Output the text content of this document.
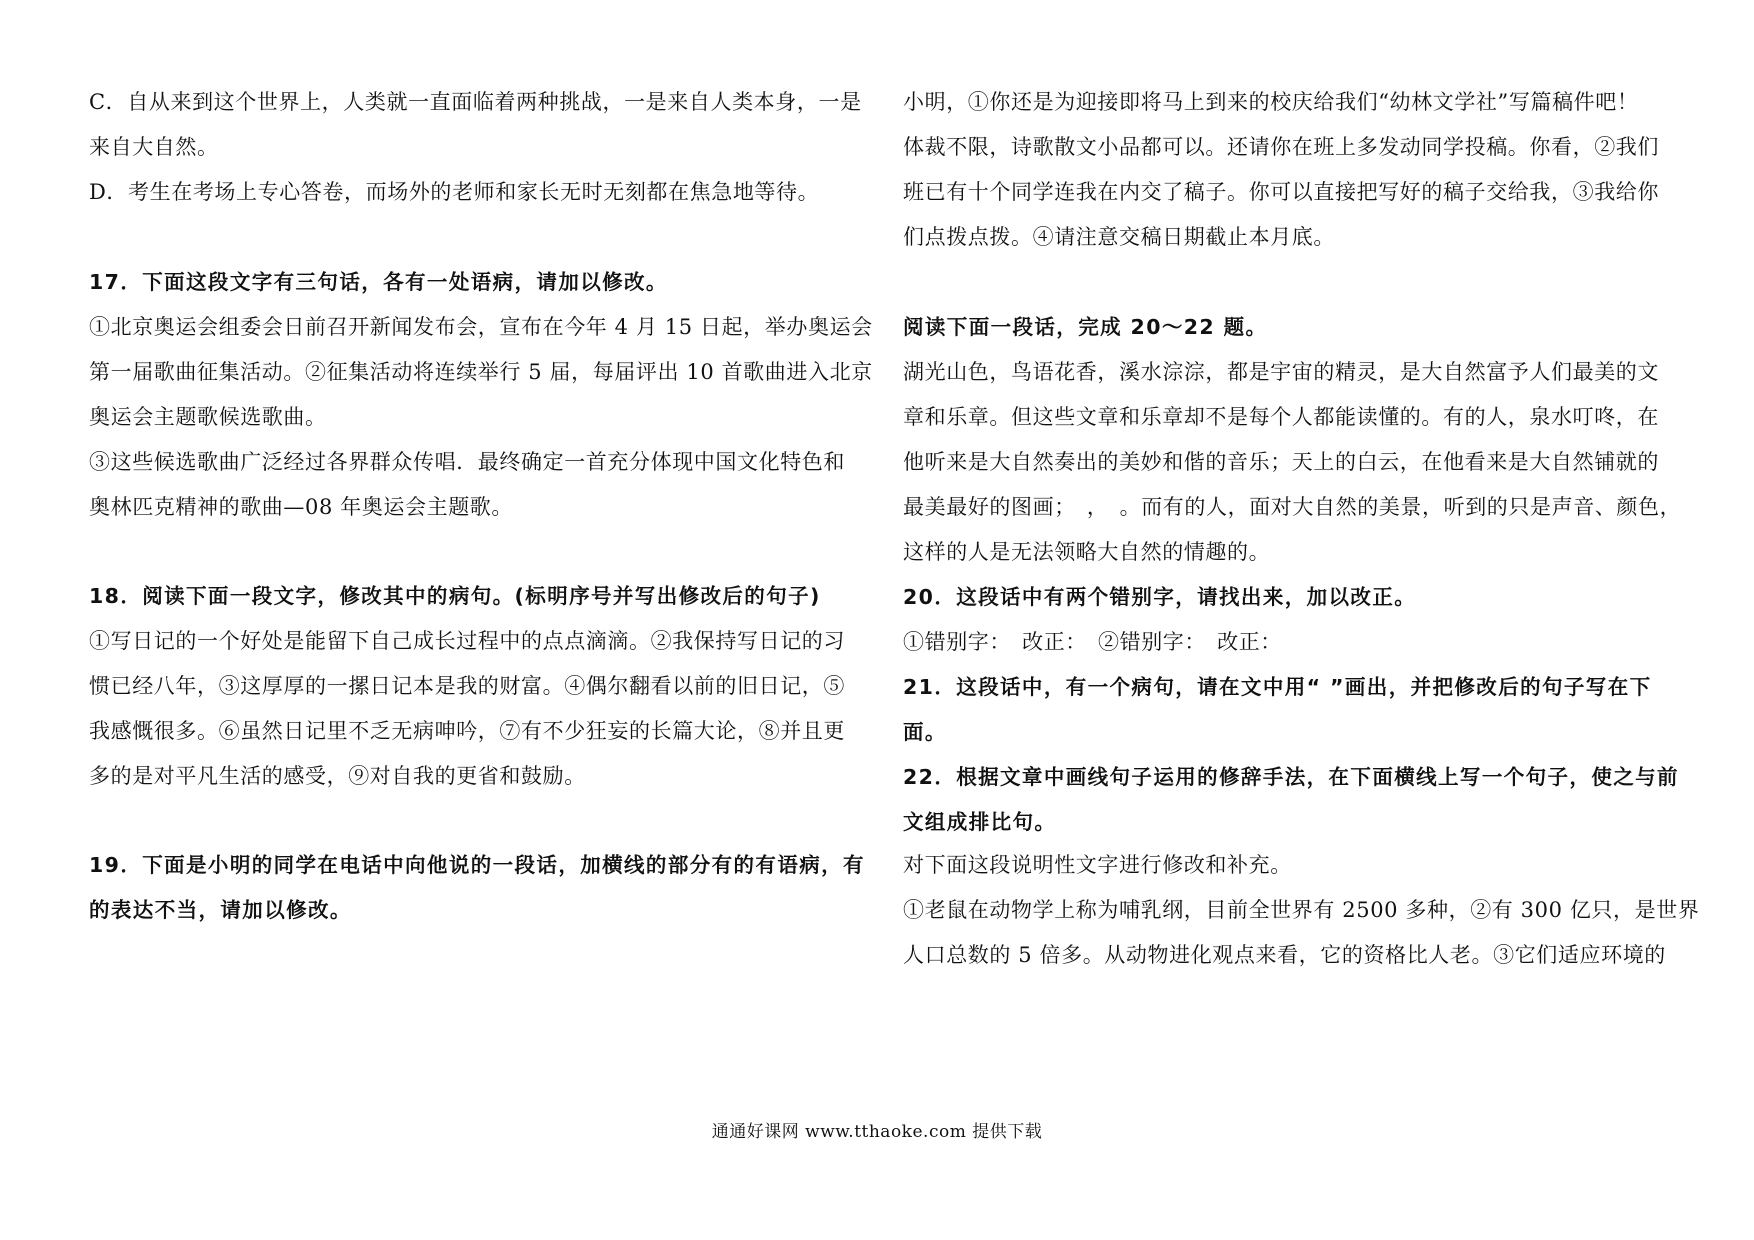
C．自从来到这个世界上，人类就一直面临着两种挑战，一是来自人类本身，一是
来自大自然。
D．考生在考场上专心答卷，而场外的老师和家长无时无刻都在焦急地等待。
17．下面这段文字有三句话，各有一处语病，请加以修改。
①北京奥运会组委会日前召开新闻发布会，宣布在今年 4 月 15 日起，举办奥运会
第一届歌曲征集活动。②征集活动将连续举行 5 届，每届评出 10 首歌曲进入北京
奥运会主题歌候选歌曲。
③这些候选歌曲广泛经过各界群众传唱．最终确定一首充分体现中国文化特色和
奥林匹克精神的歌曲—08 年奥运会主题歌。
18．阅读下面一段文字，修改其中的病句。(标明序号并写出修改后的句子)
①写日记的一个好处是能留下自己成长过程中的点点滴滴。②我保持写日记的习
惯已经八年，③这厚厚的一摞日记本是我的财富。④偶尔翻看以前的旧日记，⑤
我感慨很多。⑥虽然日记里不乏无病呻吟，⑦有不少狂妄的长篇大论，⑧并且更
多的是对平凡生活的感受，⑨对自我的更省和鼓励。
19．下面是小明的同学在电话中向他说的一段话，加横线的部分有的有语病，有
的表达不当，请加以修改。
小明，①你还是为迎接即将马上到来的校庆给我们“幼林文学社”写篇稿件吧！
体裁不限，诗歌散文小品都可以。还请你在班上多发动同学投稿。你看，②我们
班已有十个同学连我在内交了稿子。你可以直接把写好的稿子交给我，③我给你
们点拨点拨。④请注意交稿日期截止本月底。
阅读下面一段话，完成 20～22 题。
湖光山色，鸟语花香，溪水淙淙，都是宇宙的精灵，是大自然富予人们最美的文
章和乐章。但这些文章和乐章却不是每个人都能读懂的。有的人，泉水叮咚，在
他听来是大自然奏出的美妙和偕的音乐；天上的白云，在他看来是大自然铺就的
最美最好的图画；　，　。而有的人，面对大自然的美景，听到的只是声音、颜色，
这样的人是无法领略大自然的情趣的。
20．这段话中有两个错别字，请找出来，加以改正。
①错别字：　改正：　②错别字：　改正：
21．这段话中，有一个病句，请在文中用“ ”画出，并把修改后的句子写在下
面。
22．根据文章中画线句子运用的修辞手法，在下面横线上写一个句子，使之与前
文组成排比句。
对下面这段说明性文字进行修改和补充。
①老鼠在动物学上称为哺乳纲，目前全世界有 2500 多种，②有 300 亿只，是世界
人口总数的 5 倍多。从动物进化观点来看，它的资格比人老。③它们适应环境的
通通好课网 www.tthaoke.com 提供下载
